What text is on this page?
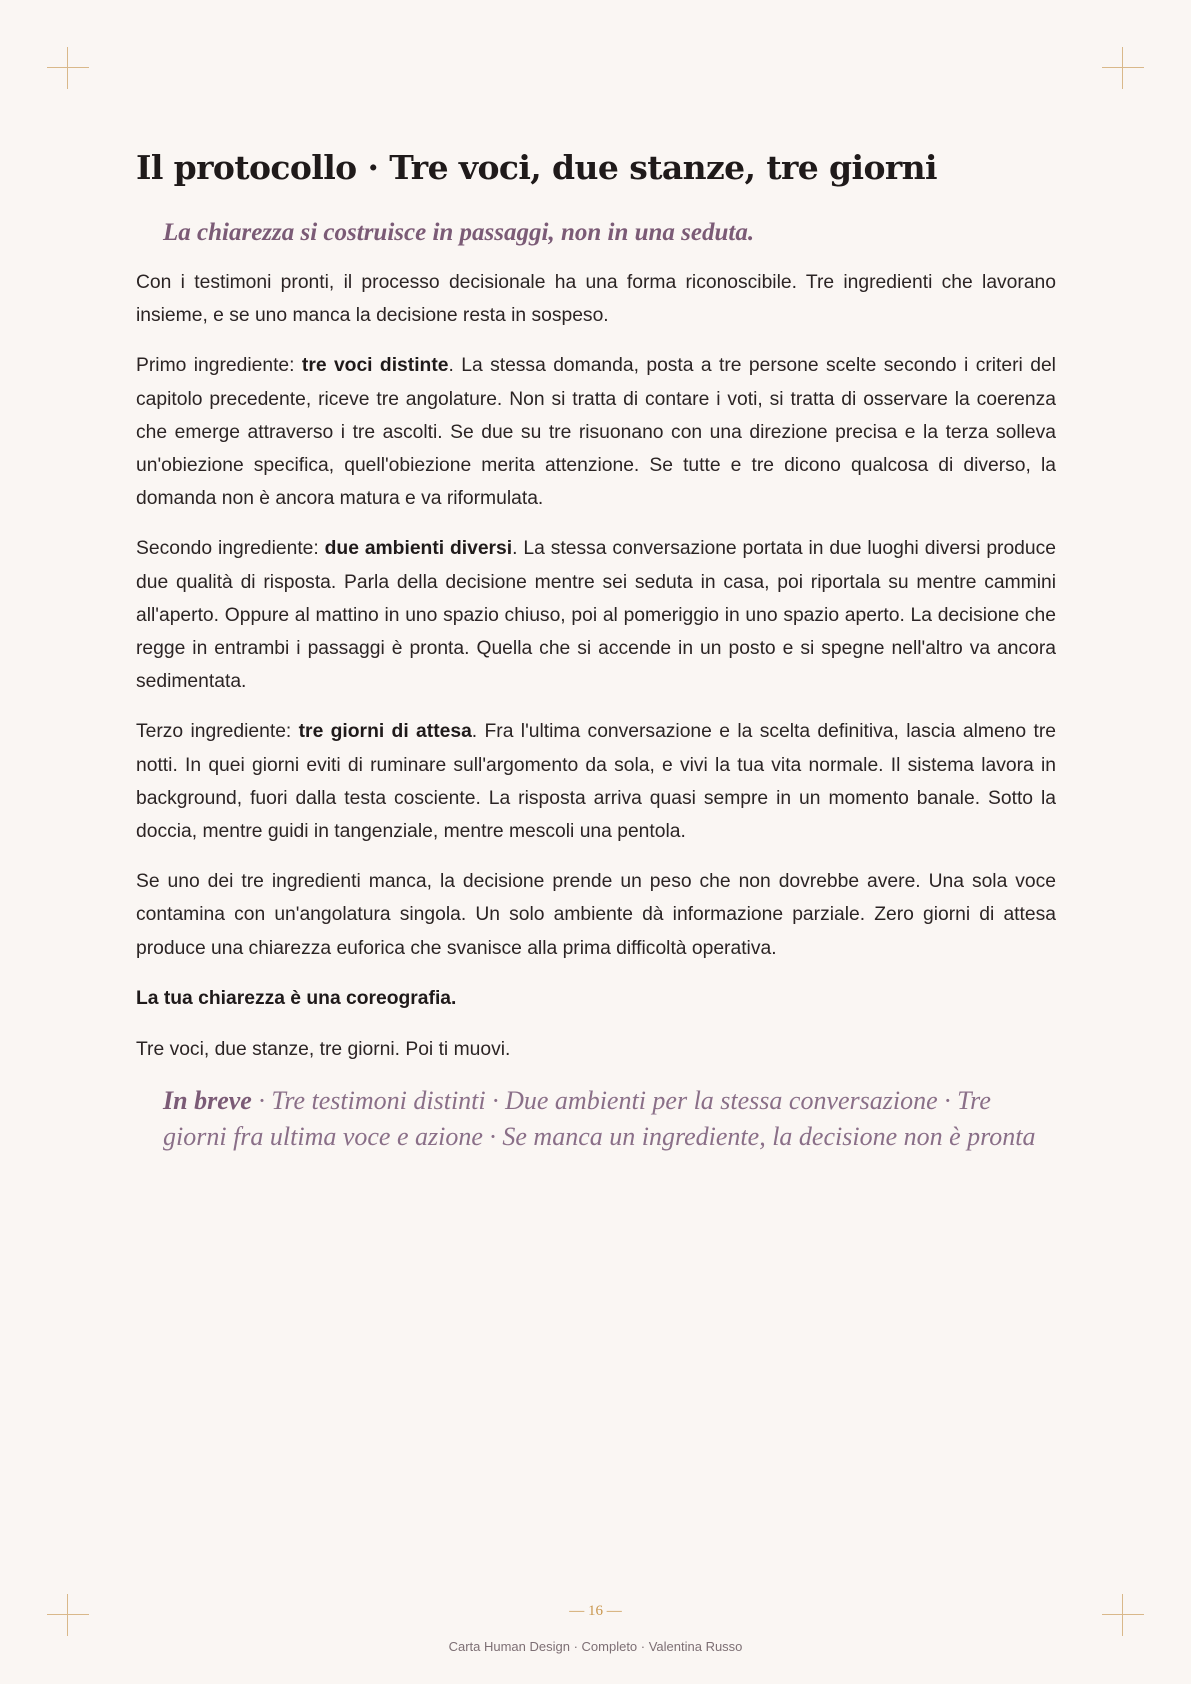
Il protocollo · Tre voci, due stanze, tre giorni
La chiarezza si costruisce in passaggi, non in una seduta.

Con i testimoni pronti, il processo decisionale ha una forma riconoscibile. Tre ingredienti che lavorano insieme, e se uno manca la decisione resta in sospeso.

Primo ingrediente: tre voci distinte. La stessa domanda, posta a tre persone scelte secondo i criteri del capitolo precedente, riceve tre angolature. Non si tratta di contare i voti, si tratta di osservare la coerenza che emerge attraverso i tre ascolti. Se due su tre risuonano con una direzione precisa e la terza solleva un'obiezione specifica, quell'obiezione merita attenzione. Se tutte e tre dicono qualcosa di diverso, la domanda non è ancora matura e va riformulata.

Secondo ingrediente: due ambienti diversi. La stessa conversazione portata in due luoghi diversi produce due qualità di risposta. Parla della decisione mentre sei seduta in casa, poi riportala su mentre cammini all'aperto. Oppure al mattino in uno spazio chiuso, poi al pomeriggio in uno spazio aperto. La decisione che regge in entrambi i passaggi è pronta. Quella che si accende in un posto e si spegne nell'altro va ancora sedimentata.

Terzo ingrediente: tre giorni di attesa. Fra l'ultima conversazione e la scelta definitiva, lascia almeno tre notti. In quei giorni eviti di ruminare sull'argomento da sola, e vivi la tua vita normale. Il sistema lavora in background, fuori dalla testa cosciente. La risposta arriva quasi sempre in un momento banale. Sotto la doccia, mentre guidi in tangenziale, mentre mescoli una pentola.

Se uno dei tre ingredienti manca, la decisione prende un peso che non dovrebbe avere. Una sola voce contamina con un'angolatura singola. Un solo ambiente dà informazione parziale. Zero giorni di attesa produce una chiarezza euforica che svanisce alla prima difficoltà operativa.

La tua chiarezza è una coreografia.

Tre voci, due stanze, tre giorni. Poi ti muovi.

In breve · Tre testimoni distinti · Due ambienti per la stessa conversazione · Tre giorni fra ultima voce e azione · Se manca un ingrediente, la decisione non è pronta
— 16 —
Carta Human Design · Completo · Valentina Russo
